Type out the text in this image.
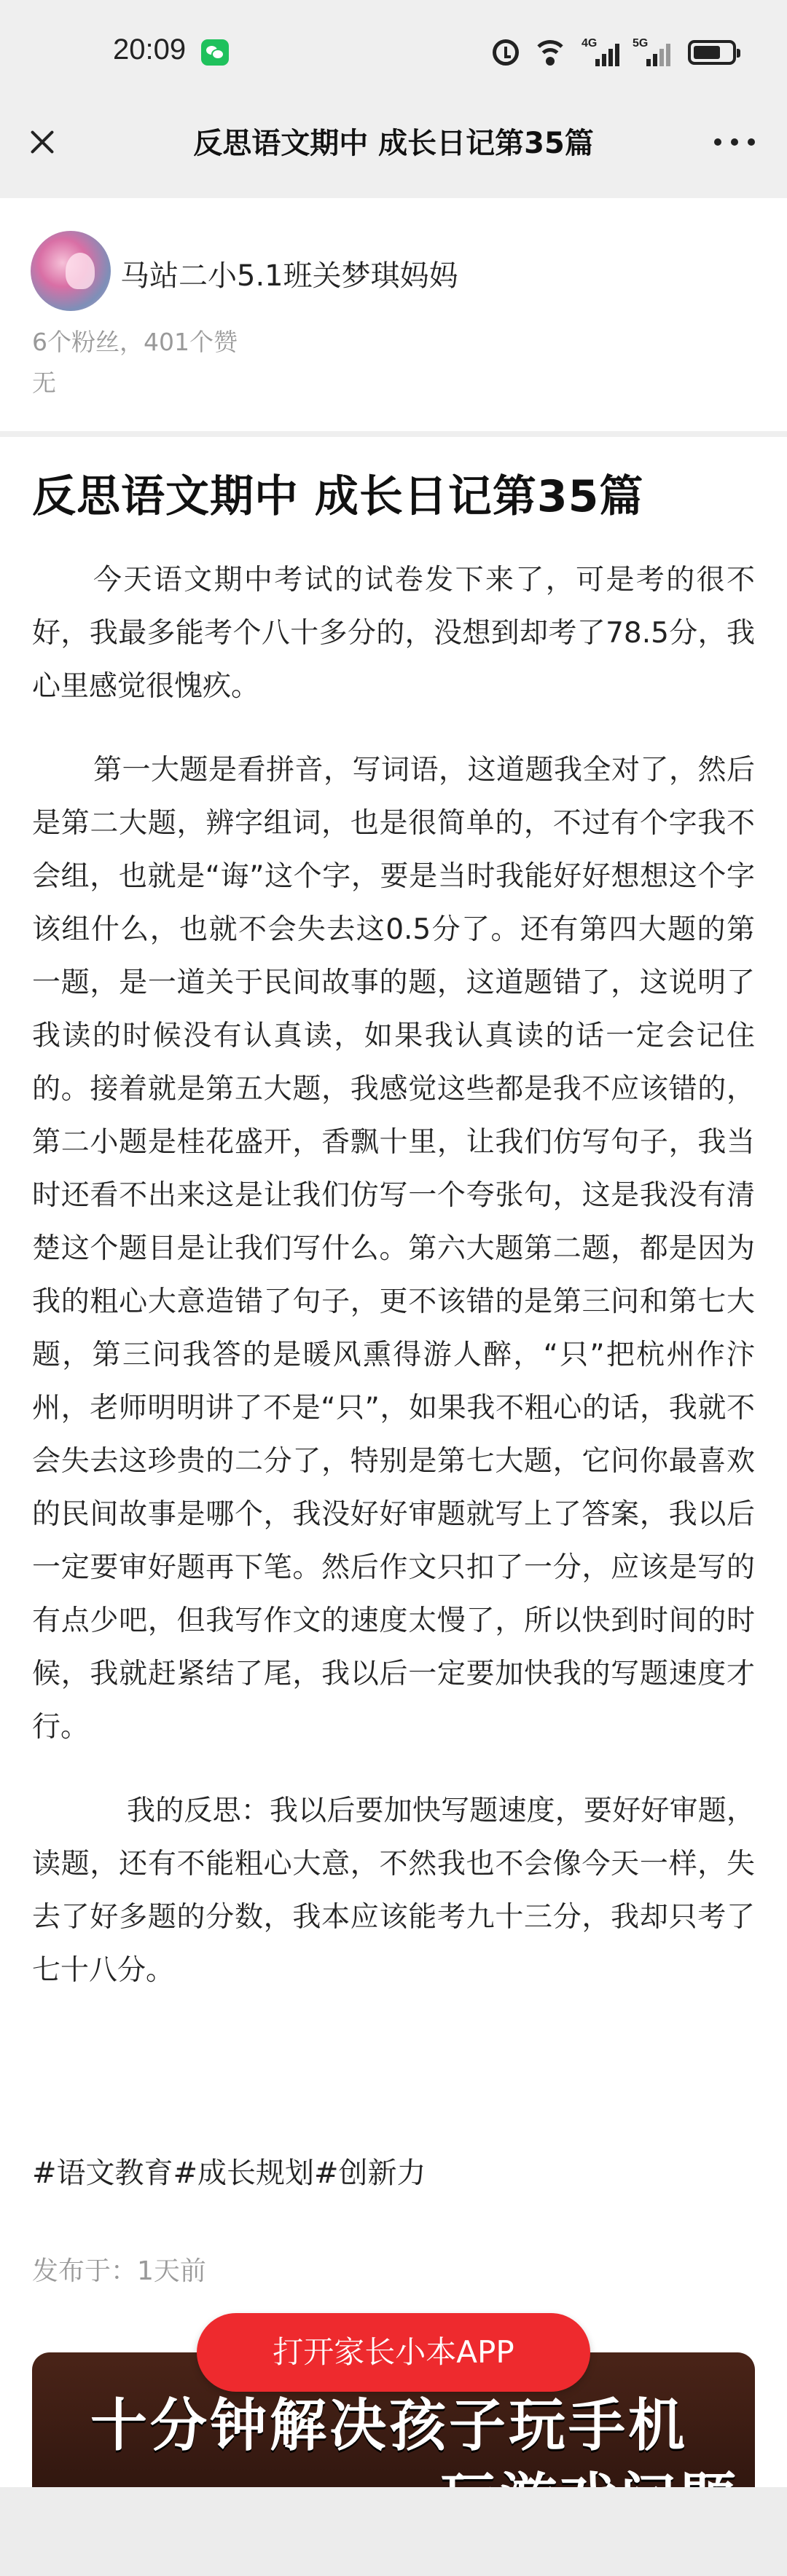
20:09	4G	5G
反思语文期中 成长日记第35篇
马站二小5.1班关梦琪妈妈
6个粉丝，401个赞
无
反思语文期中 成长日记第35篇

今天语文期中考试的试卷发下来了，可是考的很不好，我最多能考个八十多分的，没想到却考了78.5分，我心里感觉很愧疚。

第一大题是看拼音，写词语，这道题我全对了，然后是第二大题，辨字组词，也是很简单的，不过有个字我不会组，也就是“诲”这个字，要是当时我能好好想想这个字该组什么，也就不会失去这0.5分了。还有第四大题的第一题，是一道关于民间故事的题，这道题错了，这说明了我读的时候没有认真读，如果我认真读的话一定会记住的。接着就是第五大题，我感觉这些都是我不应该错的，第二小题是桂花盛开，香飘十里，让我们仿写句子，我当时还看不出来这是让我们仿写一个夸张句，这是我没有清楚这个题目是让我们写什么。第六大题第二题，都是因为我的粗心大意造错了句子，更不该错的是第三问和第七大题，第三问我答的是暖风熏得游人醉，“只”把杭州作汴州，老师明明讲了不是“只”，如果我不粗心的话，我就不会失去这珍贵的二分了，特别是第七大题，它问你最喜欢的民间故事是哪个，我没好好审题就写上了答案，我以后一定要审好题再下笔。然后作文只扣了一分，应该是写的有点少吧，但我写作文的速度太慢了，所以快到时间的时候，我就赶紧结了尾，我以后一定要加快我的写题速度才行。

我的反思：我以后要加快写题速度，要好好审题，读题，还有不能粗心大意，不然我也不会像今天一样，失去了好多题的分数，我本应该能考九十三分，我却只考了七十八分。

#语文教育#成长规划#创新力
发布于：1天前
十分钟解决孩子玩手机
打开家长小本APP
